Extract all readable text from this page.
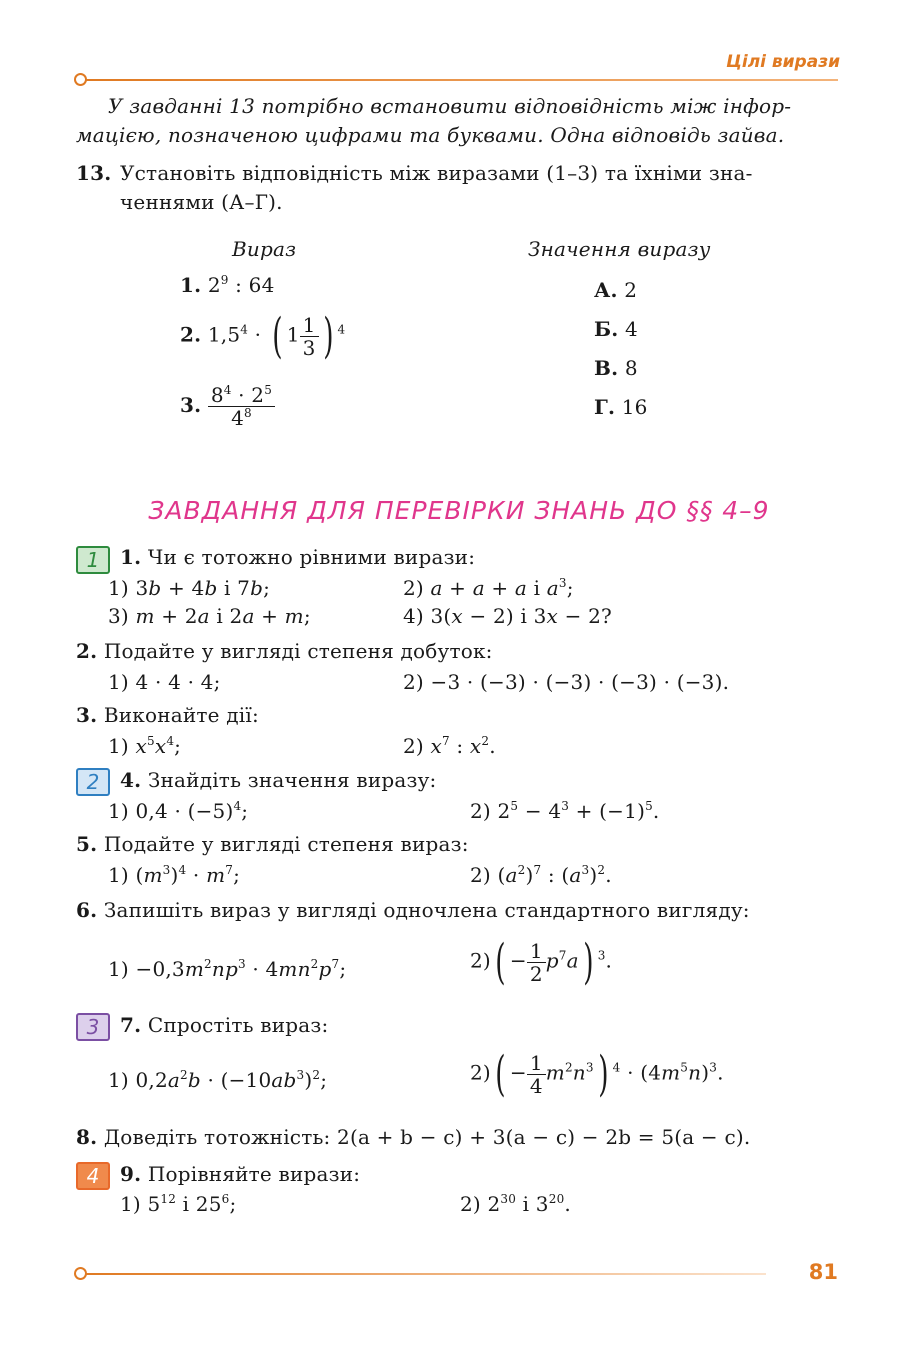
Цілі вирази
У завданні 13 потрібно встановити відповідність між інфор-
мацією, позначеною цифрами та буквами. Одна відповідь зайва.
13. Установіть відповідність між виразами (1–3) та їхніми зна-
ченнями (А–Г).
Вираз	Значення виразу
1. $2^9$ : 64
2. $1,5^4$ · ( $1 \frac{1}{3}$ ) $^4$
3. $\frac{8^4 \cdot 2^5}{4^8}$
А. 2
Б. 4
В. 8
Г. 16
ЗАВДАННЯ ДЛЯ ПЕРЕВІРКИ ЗНАНЬ ДО §§ 4–9
1
2
3
4
1. Чи є тотожно рівними вирази:
1) 3b + 4b і 7b;	2) a + a + a і $a^3$;
3) m + 2a і 2a + m;	4) 3(x − 2) і 3x − 2?
2. Подайте у вигляді степеня добуток:
1) 4 · 4 · 4;	2) −3 · (−3) · (−3) · (−3) · (−3).
3. Виконайте дії:
1) $x^5x^4$;	2) $x^7$ : $x^2$.
4. Знайдіть значення виразу:
1) $0,4 \cdot (-5)^4$;	2) $2^5 - 4^3 + (-1)^5$.
5. Подайте у вигляді степеня вираз:
1) $(m^3)^4 \cdot m^7$;	2) $(a^2)^7$ : $(a^3)^2$.
6. Запишіть вираз у вигляді одночлена стандартного вигляду:
$1) -0,3m^2np^3 \cdot 4mn^2p^7$;	$2)( - \frac{1}{2} p^7a)$ $^3$.
7. Спростіть вираз:
1) $0,2a^2b \cdot (-10ab^3)^2$;	$2)( - \frac{1}{4} m^2n^3)$ $^4 \cdot (4m^5n)^3$.
8. Доведіть тотожність: 2(a + b − c) + 3(a − c) − 2b = 5(a − c).
9. Порівняйте вирази:
1) $5^{12}$ і $25^6$;	2) $2^{30}$ і $3^{20}$.
81
